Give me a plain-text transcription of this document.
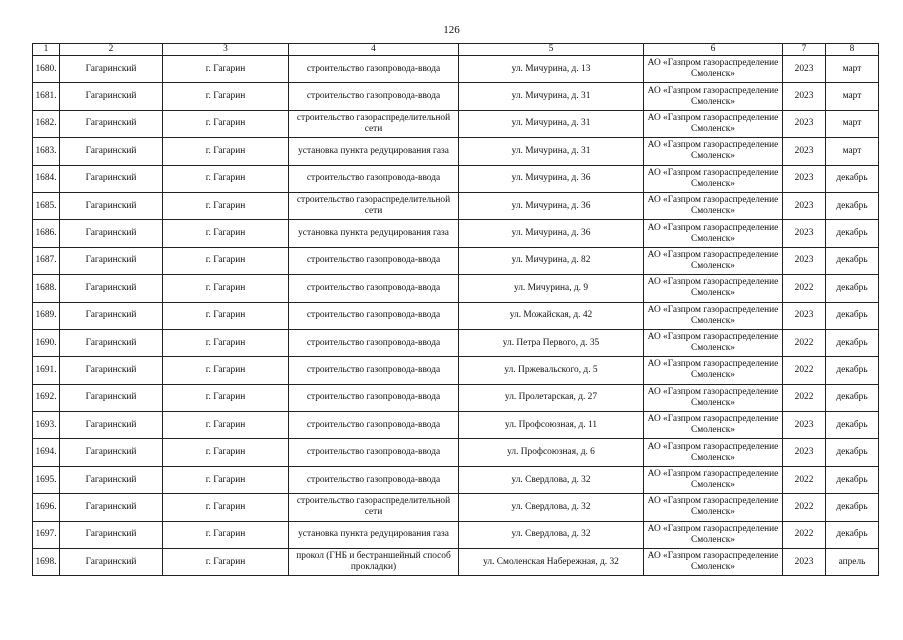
126
1	2	3	4	5	6	7	8
1680.	Гагаринский	г. Гагарин	строительство газопровода-ввода	ул. Мичурина, д. 13	АО «Газпром газораспределение Смоленск»	2023	март
1681.	Гагаринский	г. Гагарин	строительство газопровода-ввода	ул. Мичурина, д. 31	АО «Газпром газораспределение Смоленск»	2023	март
1682.	Гагаринский	г. Гагарин	строительство газораспределительной сети	ул. Мичурина, д. 31	АО «Газпром газораспределение Смоленск»	2023	март
1683.	Гагаринский	г. Гагарин	установка пункта редуцирования газа	ул. Мичурина, д. 31	АО «Газпром газораспределение Смоленск»	2023	март
1684.	Гагаринский	г. Гагарин	строительство газопровода-ввода	ул. Мичурина, д. 36	АО «Газпром газораспределение Смоленск»	2023	декабрь
1685.	Гагаринский	г. Гагарин	строительство газораспределительной сети	ул. Мичурина, д. 36	АО «Газпром газораспределение Смоленск»	2023	декабрь
1686.	Гагаринский	г. Гагарин	установка пункта редуцирования газа	ул. Мичурина, д. 36	АО «Газпром газораспределение Смоленск»	2023	декабрь
1687.	Гагаринский	г. Гагарин	строительство газопровода-ввода	ул. Мичурина, д. 82	АО «Газпром газораспределение Смоленск»	2023	декабрь
1688.	Гагаринский	г. Гагарин	строительство газопровода-ввода	ул. Мичурина, д. 9	АО «Газпром газораспределение Смоленск»	2022	декабрь
1689.	Гагаринский	г. Гагарин	строительство газопровода-ввода	ул. Можайская, д. 42	АО «Газпром газораспределение Смоленск»	2023	декабрь
1690.	Гагаринский	г. Гагарин	строительство газопровода-ввода	ул. Петра Первого, д. 35	АО «Газпром газораспределение Смоленск»	2022	декабрь
1691.	Гагаринский	г. Гагарин	строительство газопровода-ввода	ул. Пржевальского, д. 5	АО «Газпром газораспределение Смоленск»	2022	декабрь
1692.	Гагаринский	г. Гагарин	строительство газопровода-ввода	ул. Пролетарская, д. 27	АО «Газпром газораспределение Смоленск»	2022	декабрь
1693.	Гагаринский	г. Гагарин	строительство газопровода-ввода	ул. Профсоюзная, д. 11	АО «Газпром газораспределение Смоленск»	2023	декабрь
1694.	Гагаринский	г. Гагарин	строительство газопровода-ввода	ул. Профсоюзная, д. 6	АО «Газпром газораспределение Смоленск»	2023	декабрь
1695.	Гагаринский	г. Гагарин	строительство газопровода-ввода	ул. Свердлова, д. 32	АО «Газпром газораспределение Смоленск»	2022	декабрь
1696.	Гагаринский	г. Гагарин	строительство газораспределительной сети	ул. Свердлова, д. 32	АО «Газпром газораспределение Смоленск»	2022	декабрь
1697.	Гагаринский	г. Гагарин	установка пункта редуцирования газа	ул. Свердлова, д. 32	АО «Газпром газораспределение Смоленск»	2022	декабрь
1698.	Гагаринский	г. Гагарин	прокол (ГНБ и бестраншейный способ прокладки)	ул. Смоленская Набережная, д. 32	АО «Газпром газораспределение Смоленск»	2023	апрель
